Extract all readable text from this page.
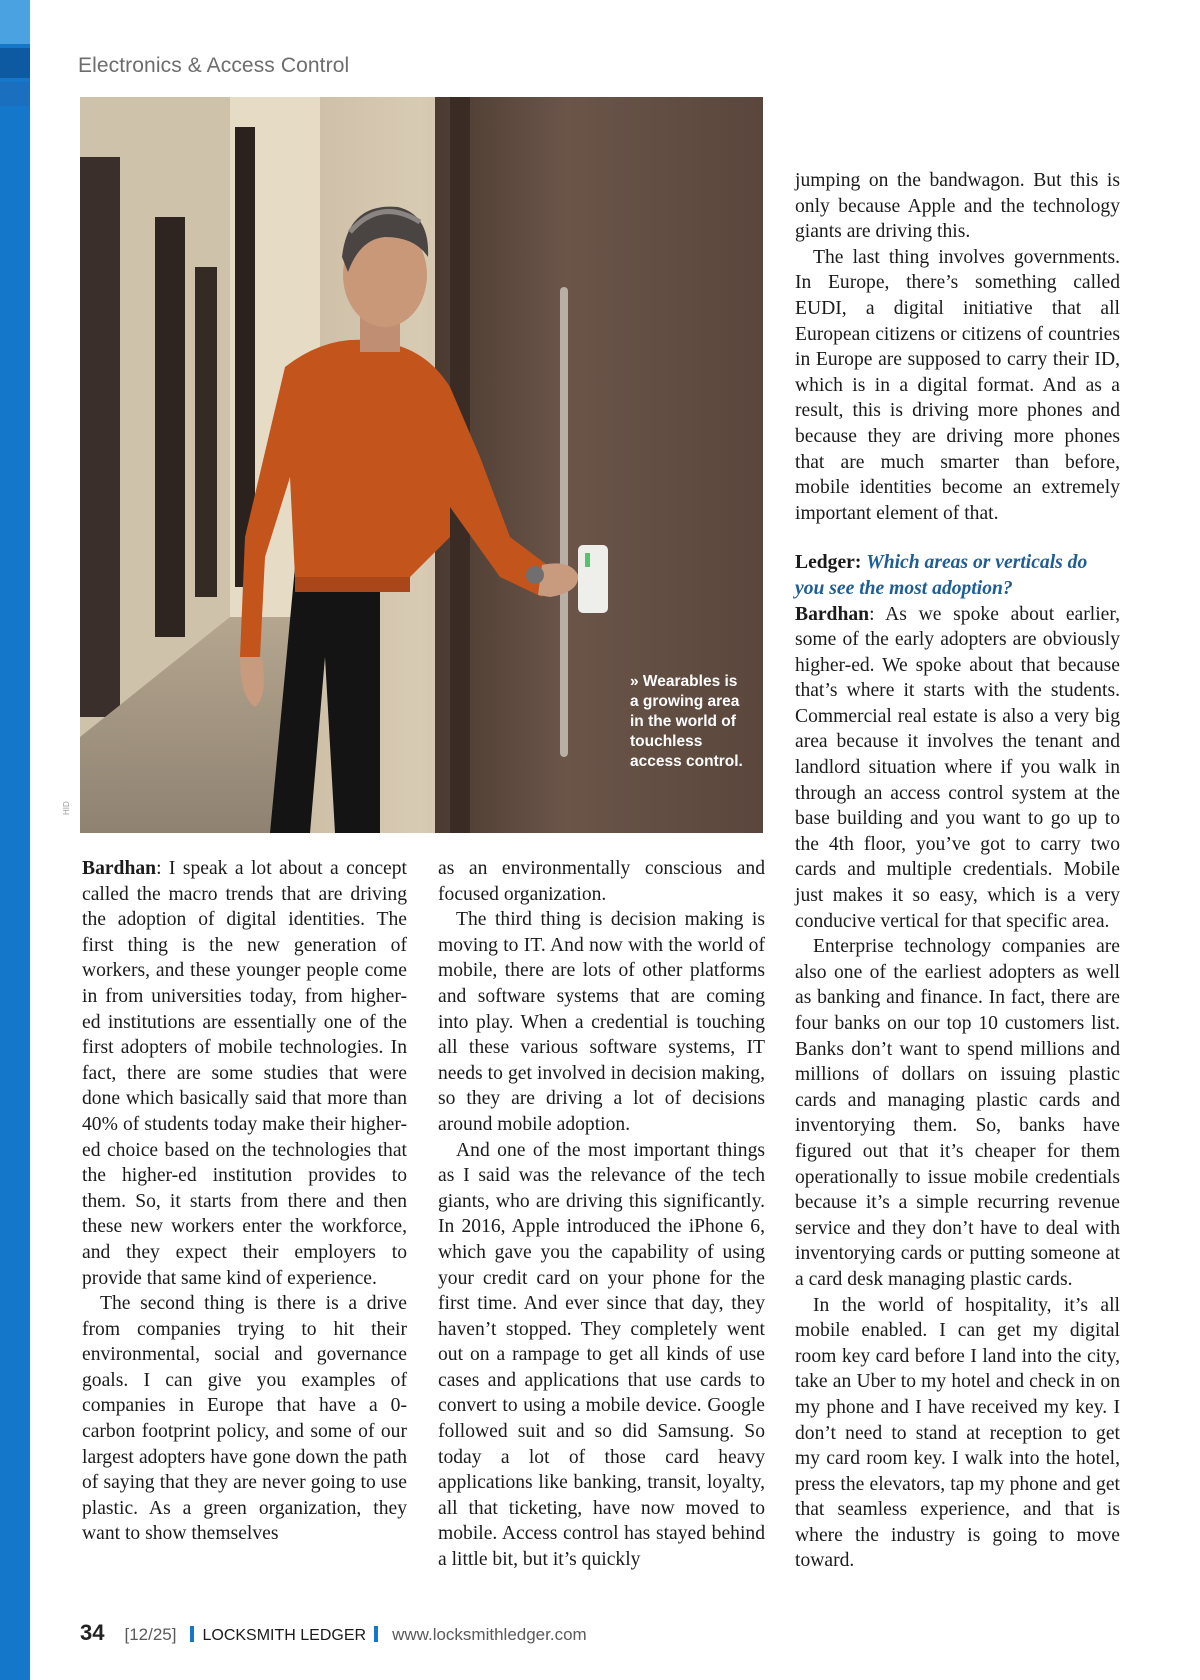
Electronics & Access Control
» Wearables is a growing area in the world of touchless access control.
HID

Bardhan: I speak a lot about a concept called the macro trends that are driving the adoption of digital identities. The first thing is the new generation of workers, and these younger people come in from universities today, from higher-ed institutions are essentially one of the first adopters of mobile technologies. In fact, there are some studies that were done which basically said that more than 40% of students today make their higher-ed choice based on the technologies that the higher-ed institution provides to them. So, it starts from there and then these new workers enter the workforce, and they expect their employers to provide that same kind of experience.

The second thing is there is a drive from companies trying to hit their environmental, social and governance goals. I can give you examples of companies in Europe that have a 0-carbon footprint policy, and some of our largest adopters have gone down the path of saying that they are never going to use plastic. As a green organization, they want to show themselves

as an environmentally conscious and focused organization.

The third thing is decision making is moving to IT. And now with the world of mobile, there are lots of other platforms and software systems that are coming into play. When a credential is touching all these various software systems, IT needs to get involved in decision making, so they are driving a lot of decisions around mobile adoption.

And one of the most important things as I said was the relevance of the tech giants, who are driving this significantly. In 2016, Apple introduced the iPhone 6, which gave you the capability of using your credit card on your phone for the first time. And ever since that day, they haven’t stopped. They completely went out on a rampage to get all kinds of use cases and applications that use cards to convert to using a mobile device. Google followed suit and so did Samsung. So today a lot of those card heavy applications like banking, transit, loyalty, all that ticketing, have now moved to mobile. Access control has stayed behind a little bit, but it’s quickly

jumping on the bandwagon. But this is only because Apple and the technology giants are driving this.

The last thing involves governments. In Europe, there’s something called EUDI, a digital initiative that all European citizens or citizens of countries in Europe are supposed to carry their ID, which is in a digital format. And as a result, this is driving more phones and because they are driving more phones that are much smarter than before, mobile identities become an extremely important element of that.

Ledger: Which areas or verticals do you see the most adoption?

Bardhan: As we spoke about earlier, some of the early adopters are obviously higher-ed. We spoke about that because that’s where it starts with the students. Commercial real estate is also a very big area because it involves the tenant and landlord situation where if you walk in through an access control system at the base building and you want to go up to the 4th floor, you’ve got to carry two cards and multiple credentials. Mobile just makes it so easy, which is a very conducive vertical for that specific area.

Enterprise technology companies are also one of the earliest adopters as well as banking and finance. In fact, there are four banks on our top 10 customers list. Banks don’t want to spend millions and millions of dollars on issuing plastic cards and managing plastic cards and inventorying them. So, banks have figured out that it’s cheaper for them operationally to issue mobile credentials because it’s a simple recurring revenue service and they don’t have to deal with inventorying cards or putting someone at a card desk managing plastic cards.

In the world of hospitality, it’s all mobile enabled. I can get my digital room key card before I land into the city, take an Uber to my hotel and check in on my phone and I have received my key. I don’t need to stand at reception to get my card room key. I walk into the hotel, press the elevators, tap my phone and get that seamless experience, and that is where the industry is going to move toward.

34 [12/25] LOCKSMITH LEDGER www.locksmithledger.com
